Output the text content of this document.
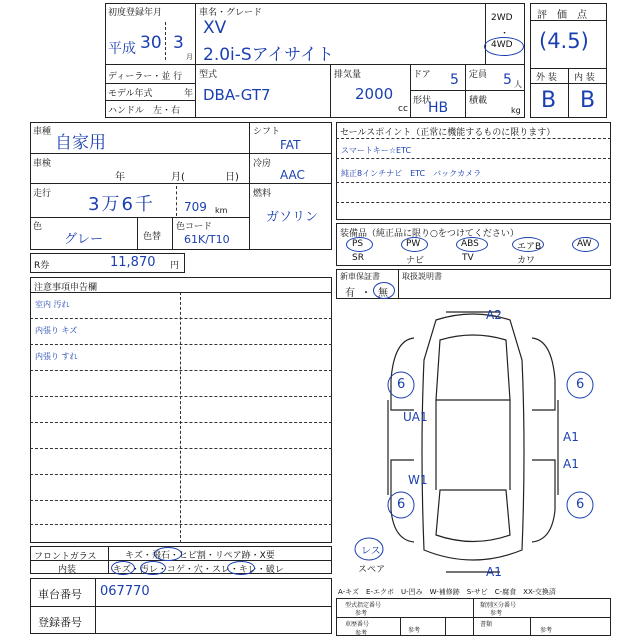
初度登録年月
平成 30 3
月
車名・グレード
XV
2.0i-Sアイサイト
2WD
・
4WD
ディーラー・並 行
モデル年式	年
ハンドル　左・右
型式
DBA-GT7
排気量
2000
cc
ドア 5 定員 5 人
形状
HB 積載
kg
評　価　点
(4.5)
外 装 内 装
B B
車種
自家用
車検
年	月(	日)
走行 3万6千 709 km
色
グレー	色替
色コード
61K/T10
シフト
FAT
冷房
AAC
燃料
ガソリン
R券	11,870 円
セールスポイント（正常に機能するものに限ります）
スマートキー☆ETC
純正8インチナビ　ETC　バックカメラ
装備品（純正品に限り○をつけてください）
PS	PW	ABS	エアB	AW
SR	ナビ	TV	カワ
新車保証書	取扱説明書
有 ・ 無
注意事項申告欄
室内 汚れ
内張り キズ
内張り すれ
フロントガラス	キズ・飛石・ヒビ割・リペア跡・X要
内装	キズ・汚レ・コゲ・穴・スレ・キレ・破レ
車台番号 067770
登録番号
A2
6	6
UA1
A1
A1
W1
6	6
A1
レス
スペア
A-キズ　E-エクボ　U-凹み　W-補修跡　S-サビ　C-腐食　XX-交換済
型式指定番号	類別区分番号
参考	参考
車歴番号
参考	参考
書類
参考
